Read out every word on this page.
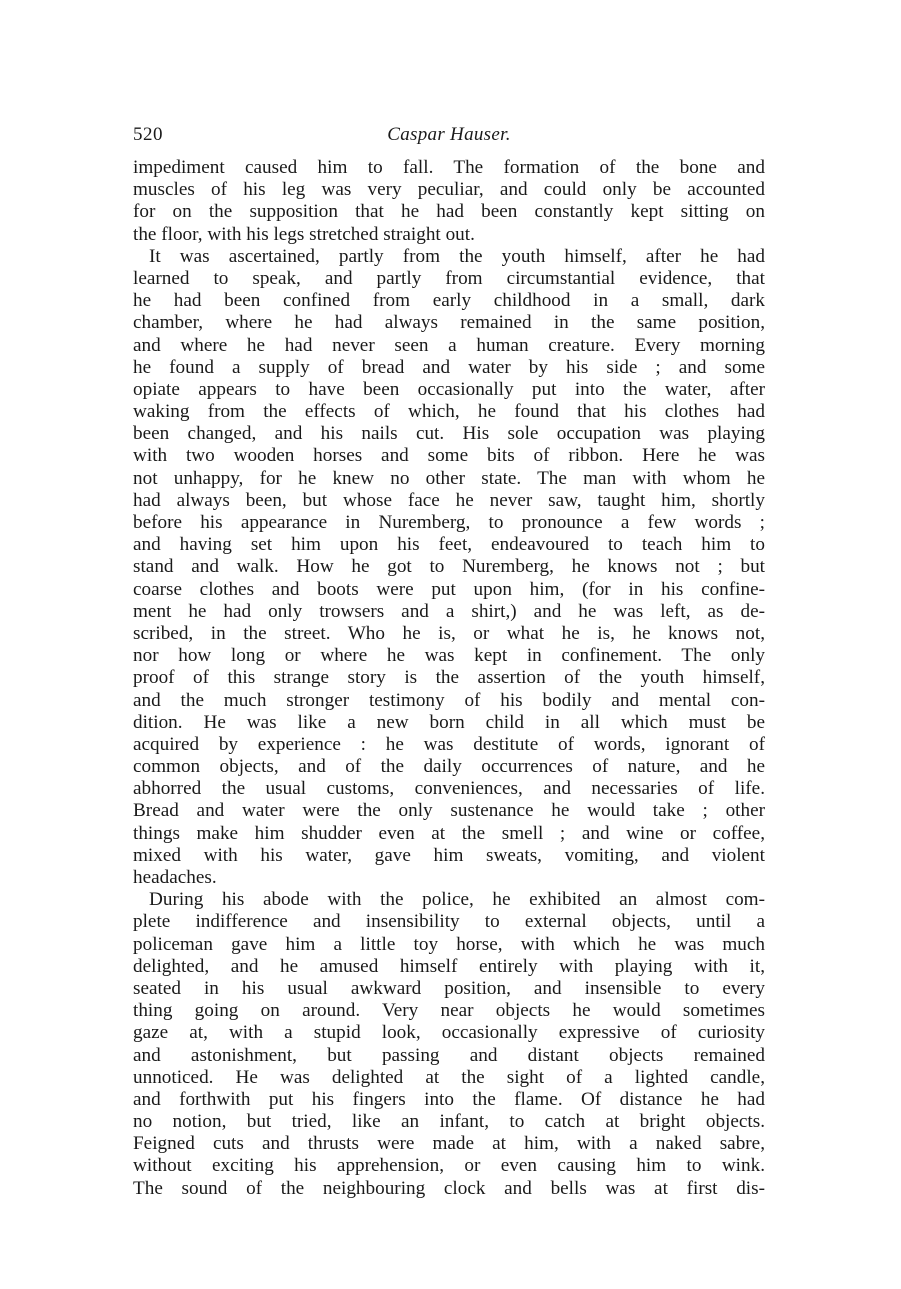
520	Caspar Hauser.
impediment caused him to fall. The formation of the bone and
muscles of his leg was very peculiar, and could only be accounted
for on the supposition that he had been constantly kept sitting on
the floor, with his legs stretched straight out.
It was ascertained, partly from the youth himself, after he had
learned to speak, and partly from circumstantial evidence, that
he had been confined from early childhood in a small, dark
chamber, where he had always remained in the same position,
and where he had never seen a human creature. Every morning
he found a supply of bread and water by his side ; and some
opiate appears to have been occasionally put into the water, after
waking from the effects of which, he found that his clothes had
been changed, and his nails cut. His sole occupation was playing
with two wooden horses and some bits of ribbon. Here he was
not unhappy, for he knew no other state. The man with whom he
had always been, but whose face he never saw, taught him, shortly
before his appearance in Nuremberg, to pronounce a few words ;
and having set him upon his feet, endeavoured to teach him to
stand and walk. How he got to Nuremberg, he knows not ; but
coarse clothes and boots were put upon him, (for in his confine-
ment he had only trowsers and a shirt,) and he was left, as de-
scribed, in the street. Who he is, or what he is, he knows not,
nor how long or where he was kept in confinement. The only
proof of this strange story is the assertion of the youth himself,
and the much stronger testimony of his bodily and mental con-
dition. He was like a new born child in all which must be
acquired by experience : he was destitute of words, ignorant of
common objects, and of the daily occurrences of nature, and he
abhorred the usual customs, conveniences, and necessaries of life.
Bread and water were the only sustenance he would take ; other
things make him shudder even at the smell ; and wine or coffee,
mixed with his water, gave him sweats, vomiting, and violent
headaches.
During his abode with the police, he exhibited an almost com-
plete indifference and insensibility to external objects, until a
policeman gave him a little toy horse, with which he was much
delighted, and he amused himself entirely with playing with it,
seated in his usual awkward position, and insensible to every
thing going on around. Very near objects he would sometimes
gaze at, with a stupid look, occasionally expressive of curiosity
and astonishment, but passing and distant objects remained
unnoticed. He was delighted at the sight of a lighted candle,
and forthwith put his fingers into the flame. Of distance he had
no notion, but tried, like an infant, to catch at bright objects.
Feigned cuts and thrusts were made at him, with a naked sabre,
without exciting his apprehension, or even causing him to wink.
The sound of the neighbouring clock and bells was at first dis-
